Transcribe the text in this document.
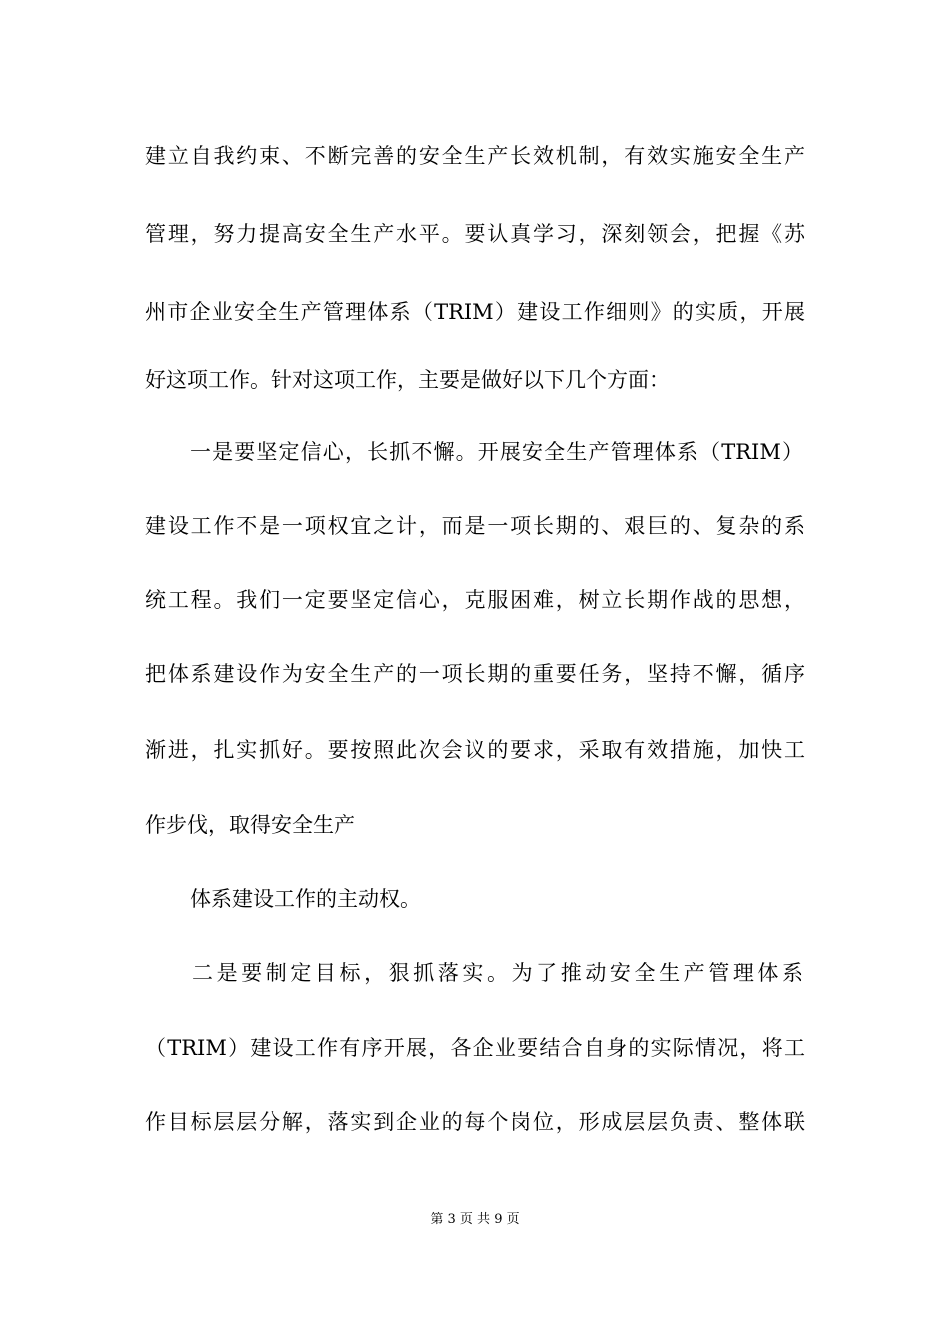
建立自我约束、不断完善的安全生产长效机制，有效实施安全生产
管理，努力提高安全生产水平。要认真学习，深刻领会，把握《苏
州市企业安全生产管理体系（TRIM）建设工作细则》的实质，开展
好这项工作。针对这项工作，主要是做好以下几个方面：
一是要坚定信心，长抓不懈。开展安全生产管理体系（TRIM）
建设工作不是一项权宜之计，而是一项长期的、艰巨的、复杂的系
统工程。我们一定要坚定信心，克服困难，树立长期作战的思想，
把体系建设作为安全生产的一项长期的重要任务，坚持不懈，循序
渐进，扎实抓好。要按照此次会议的要求，采取有效措施，加快工
作步伐，取得安全生产
体系建设工作的主动权。
二是要制定目标，狠抓落实。为了推动安全生产管理体系
（TRIM）建设工作有序开展，各企业要结合自身的实际情况，将工
作目标层层分解，落实到企业的每个岗位，形成层层负责、整体联
第 3 页 共 9 页
